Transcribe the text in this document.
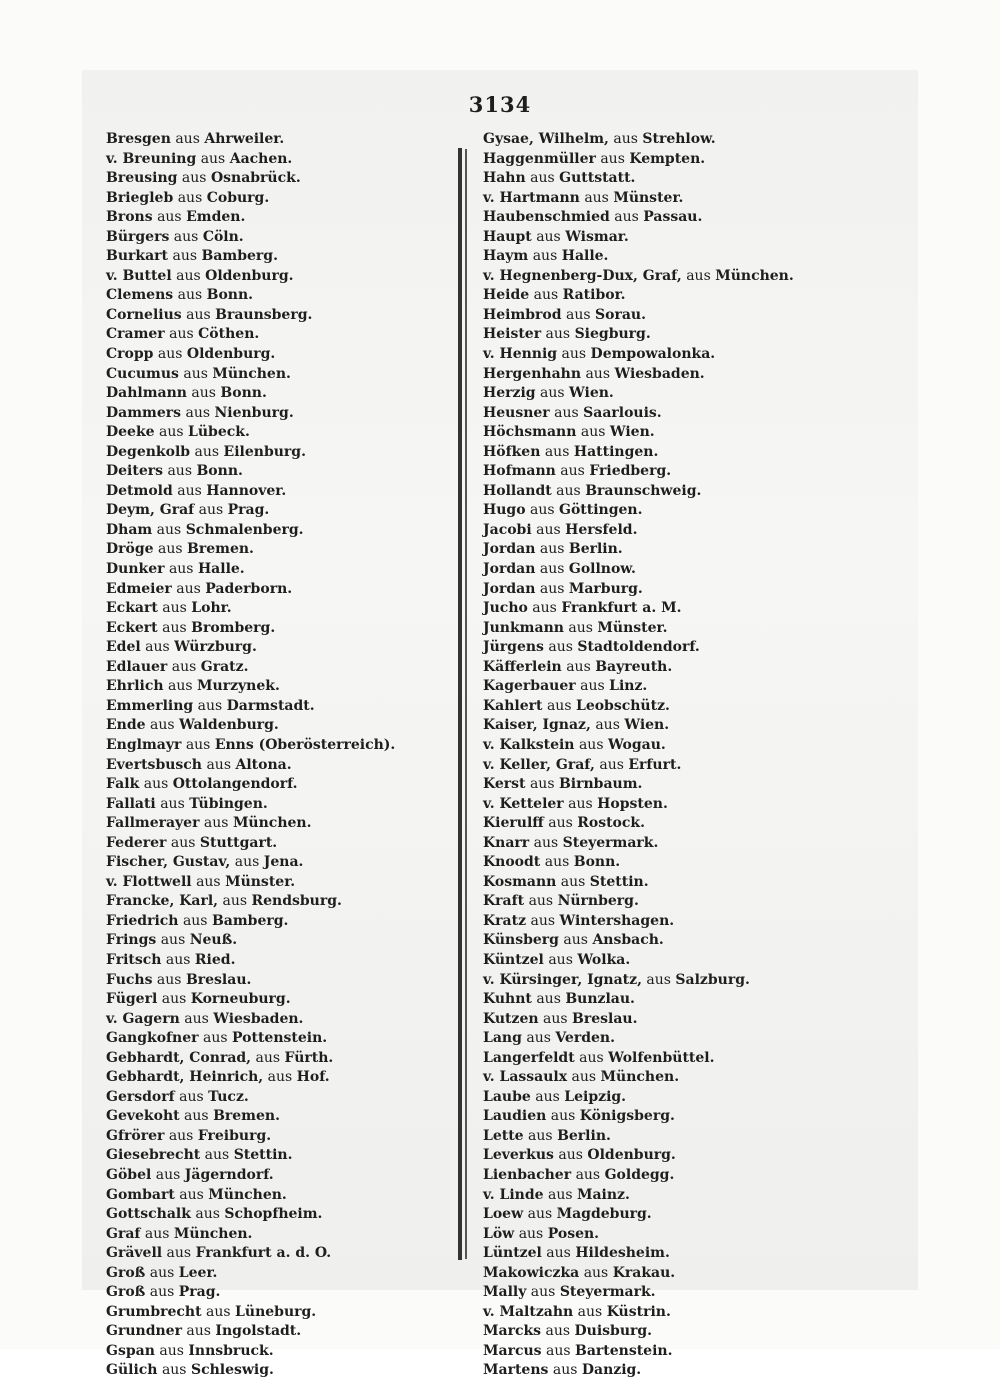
3134
Bresgen aus Ahrweiler.
v. Breuning aus Aachen.
Breusing aus Osnabrück.
Briegleb aus Coburg.
Brons aus Emden.
Bürgers aus Cöln.
Burkart aus Bamberg.
v. Buttel aus Oldenburg.
Clemens aus Bonn.
Cornelius aus Braunsberg.
Cramer aus Cöthen.
Cropp aus Oldenburg.
Cucumus aus München.
Dahlmann aus Bonn.
Dammers aus Nienburg.
Deeke aus Lübeck.
Degenkolb aus Eilenburg.
Deiters aus Bonn.
Detmold aus Hannover.
Deym, Graf aus Prag.
Dham aus Schmalenberg.
Dröge aus Bremen.
Dunker aus Halle.
Edmeier aus Paderborn.
Eckart aus Lohr.
Eckert aus Bromberg.
Edel aus Würzburg.
Edlauer aus Gratz.
Ehrlich aus Murzynek.
Emmerling aus Darmstadt.
Ende aus Waldenburg.
Englmayr aus Enns (Oberösterreich).
Evertsbusch aus Altona.
Falk aus Ottolangendorf.
Fallati aus Tübingen.
Fallmerayer aus München.
Federer aus Stuttgart.
Fischer, Gustav, aus Jena.
v. Flottwell aus Münster.
Francke, Karl, aus Rendsburg.
Friedrich aus Bamberg.
Frings aus Neuß.
Fritsch aus Ried.
Fuchs aus Breslau.
Fügerl aus Korneuburg.
v. Gagern aus Wiesbaden.
Gangkofner aus Pottenstein.
Gebhardt, Conrad, aus Fürth.
Gebhardt, Heinrich, aus Hof.
Gersdorf aus Tucz.
Gevekoht aus Bremen.
Gfrörer aus Freiburg.
Giesebrecht aus Stettin.
Göbel aus Jägerndorf.
Gombart aus München.
Gottschalk aus Schopfheim.
Graf aus München.
Grävell aus Frankfurt a. d. O.
Groß aus Leer.
Groß aus Prag.
Grumbrecht aus Lüneburg.
Grundner aus Ingolstadt.
Gspan aus Innsbruck.
Gülich aus Schleswig.
Gysae, Wilhelm, aus Strehlow.
Haggenmüller aus Kempten.
Hahn aus Guttstatt.
v. Hartmann aus Münster.
Haubenschmied aus Passau.
Haupt aus Wismar.
Haym aus Halle.
v. Hegnenberg-Dux, Graf, aus München.
Heide aus Ratibor.
Heimbrod aus Sorau.
Heister aus Siegburg.
v. Hennig aus Dempowalonka.
Hergenhahn aus Wiesbaden.
Herzig aus Wien.
Heusner aus Saarlouis.
Höchsmann aus Wien.
Höfken aus Hattingen.
Hofmann aus Friedberg.
Hollandt aus Braunschweig.
Hugo aus Göttingen.
Jacobi aus Hersfeld.
Jordan aus Berlin.
Jordan aus Gollnow.
Jordan aus Marburg.
Jucho aus Frankfurt a. M.
Junkmann aus Münster.
Jürgens aus Stadtoldendorf.
Käfferlein aus Bayreuth.
Kagerbauer aus Linz.
Kahlert aus Leobschütz.
Kaiser, Ignaz, aus Wien.
v. Kalkstein aus Wogau.
v. Keller, Graf, aus Erfurt.
Kerst aus Birnbaum.
v. Ketteler aus Hopsten.
Kierulff aus Rostock.
Knarr aus Steyermark.
Knoodt aus Bonn.
Kosmann aus Stettin.
Kraft aus Nürnberg.
Kratz aus Wintershagen.
Künsberg aus Ansbach.
Küntzel aus Wolka.
v. Kürsinger, Ignatz, aus Salzburg.
Kuhnt aus Bunzlau.
Kutzen aus Breslau.
Lang aus Verden.
Langerfeldt aus Wolfenbüttel.
v. Lassaulx aus München.
Laube aus Leipzig.
Laudien aus Königsberg.
Lette aus Berlin.
Leverkus aus Oldenburg.
Lienbacher aus Goldegg.
v. Linde aus Mainz.
Loew aus Magdeburg.
Löw aus Posen.
Lüntzel aus Hildesheim.
Makowiczka aus Krakau.
Mally aus Steyermark.
v. Maltzahn aus Küstrin.
Marcks aus Duisburg.
Marcus aus Bartenstein.
Martens aus Danzig.
